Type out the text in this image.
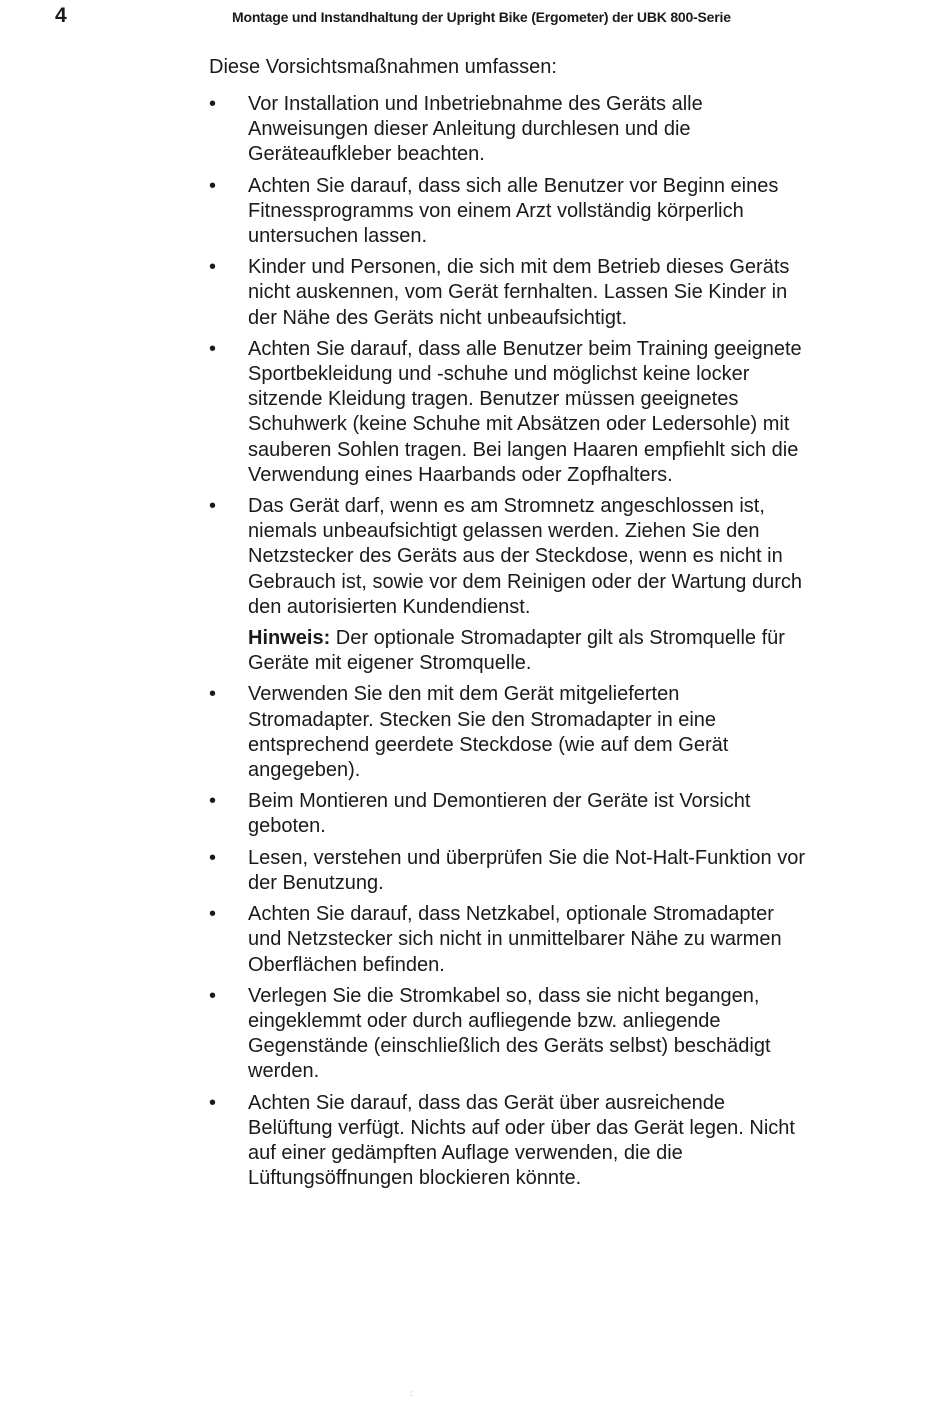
4	Montage und Instandhaltung der Upright Bike (Ergometer) der UBK 800-Serie

Diese Vorsichtsmaßnahmen umfassen:

• Vor Installation und Inbetriebnahme des Geräts alle Anweisungen dieser Anleitung durchlesen und die Geräteaufkleber beachten.
• Achten Sie darauf, dass sich alle Benutzer vor Beginn eines Fitnessprogramms von einem Arzt vollständig körperlich untersuchen lassen.
• Kinder und Personen, die sich mit dem Betrieb dieses Geräts nicht auskennen, vom Gerät fernhalten. Lassen Sie Kinder in der Nähe des Geräts nicht unbeaufsichtigt.
• Achten Sie darauf, dass alle Benutzer beim Training geeignete Sportbekleidung und -schuhe und möglichst keine locker sitzende Kleidung tragen. Benutzer müssen geeignetes Schuhwerk (keine Schuhe mit Absätzen oder Ledersohle) mit sauberen Sohlen tragen. Bei langen Haaren empfiehlt sich die Verwendung eines Haarbands oder Zopfhalters.
• Das Gerät darf, wenn es am Stromnetz angeschlossen ist, niemals unbeaufsichtigt gelassen werden. Ziehen Sie den Netzstecker des Geräts aus der Steckdose, wenn es nicht in Gebrauch ist, sowie vor dem Reinigen oder der Wartung durch den autorisierten Kundendienst.

Hinweis: Der optionale Stromadapter gilt als Stromquelle für Geräte mit eigener Stromquelle.

• Verwenden Sie den mit dem Gerät mitgelieferten Stromadapter. Stecken Sie den Stromadapter in eine entsprechend geerdete Steckdose (wie auf dem Gerät angegeben).
• Beim Montieren und Demontieren der Geräte ist Vorsicht geboten.
• Lesen, verstehen und überprüfen Sie die Not-Halt-Funktion vor der Benutzung.
• Achten Sie darauf, dass Netzkabel, optionale Stromadapter und Netzstecker sich nicht in unmittelbarer Nähe zu warmen Oberflächen befinden.
• Verlegen Sie die Stromkabel so, dass sie nicht begangen, eingeklemmt oder durch aufliegende bzw. anliegende Gegenstände (einschließlich des Geräts selbst) beschädigt werden.
• Achten Sie darauf, dass das Gerät über ausreichende Belüftung verfügt. Nichts auf oder über das Gerät legen. Nicht auf einer gedämpften Auflage verwenden, die die Lüftungsöffnungen blockieren könnte.
:
